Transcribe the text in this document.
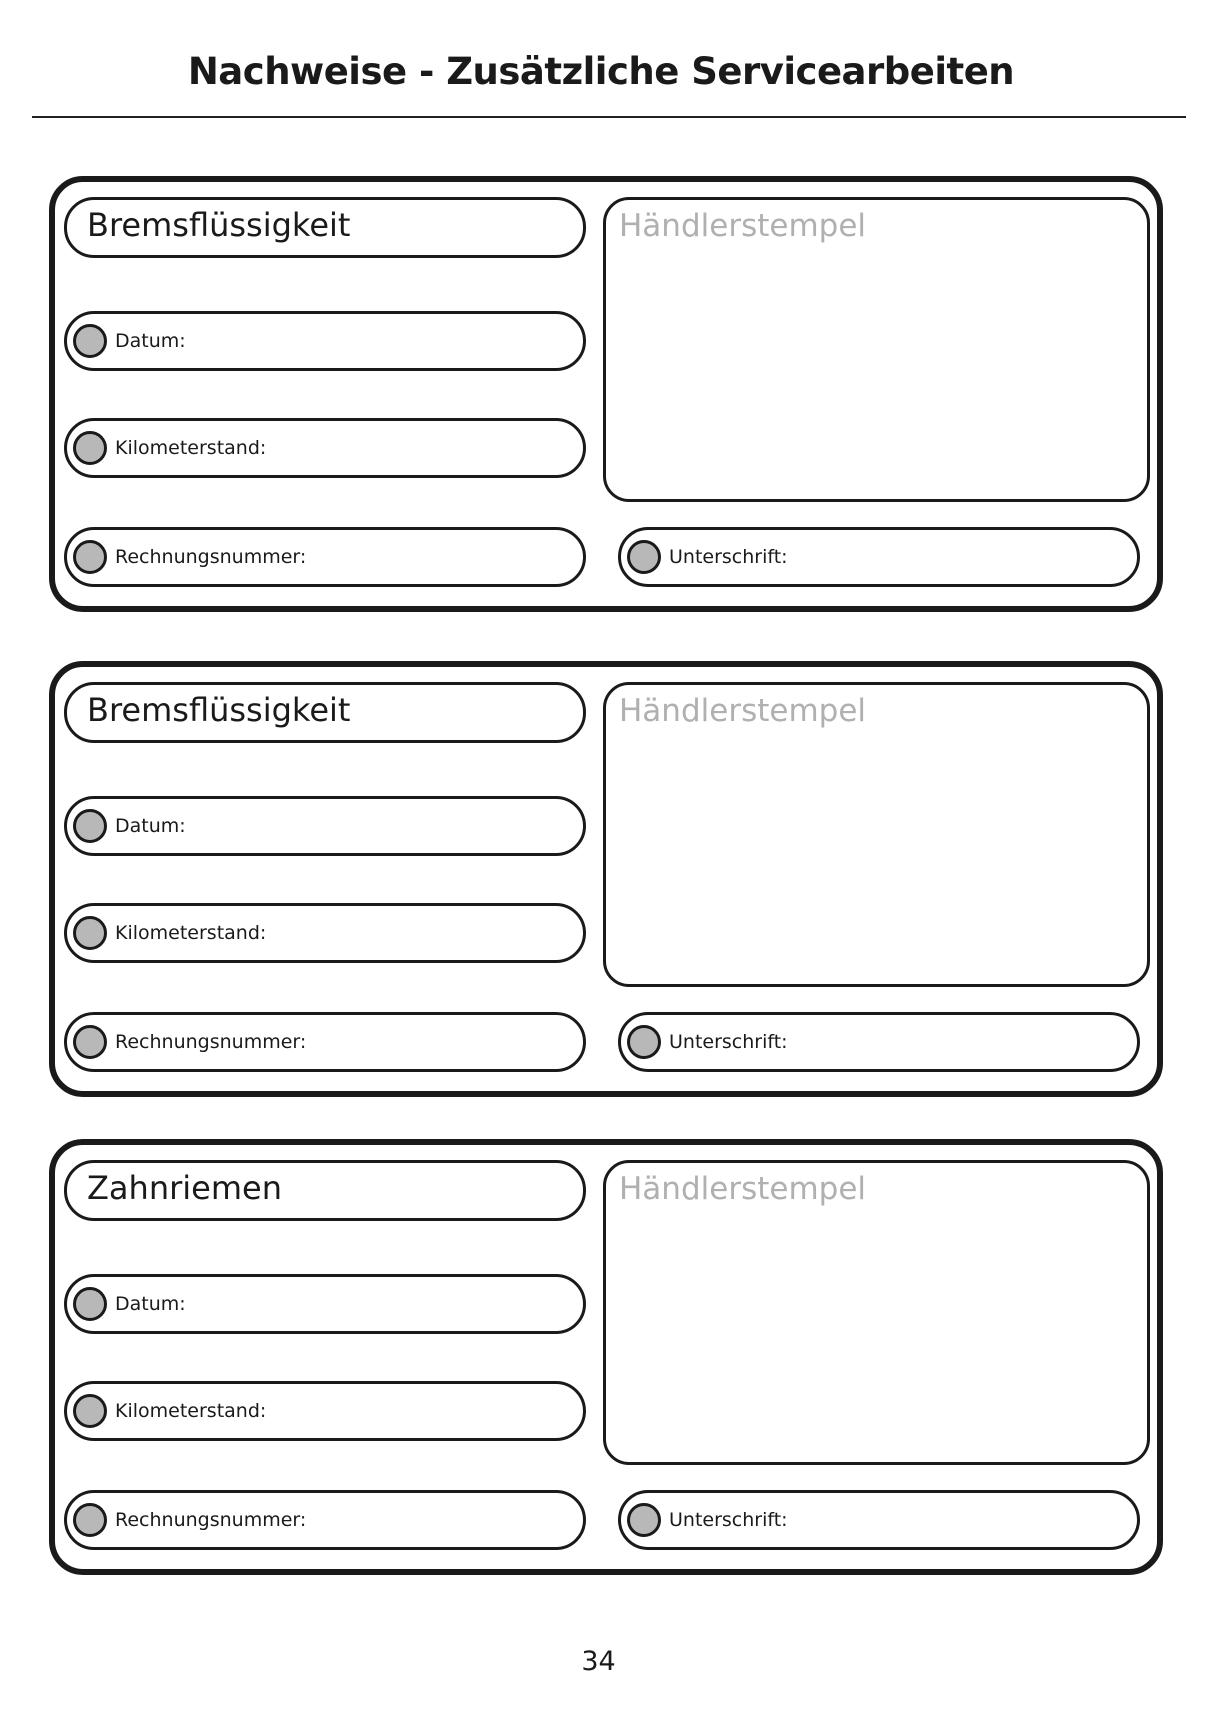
Nachweise - Zusätzliche Servicearbeiten
Bremsflüssigkeit
Datum:
Kilometerstand:
Rechnungsnummer:
Händlerstempel
Unterschrift:
Bremsflüssigkeit
Datum:
Kilometerstand:
Rechnungsnummer:
Händlerstempel
Unterschrift:
Zahnriemen
Datum:
Kilometerstand:
Rechnungsnummer:
Händlerstempel
Unterschrift:
34
